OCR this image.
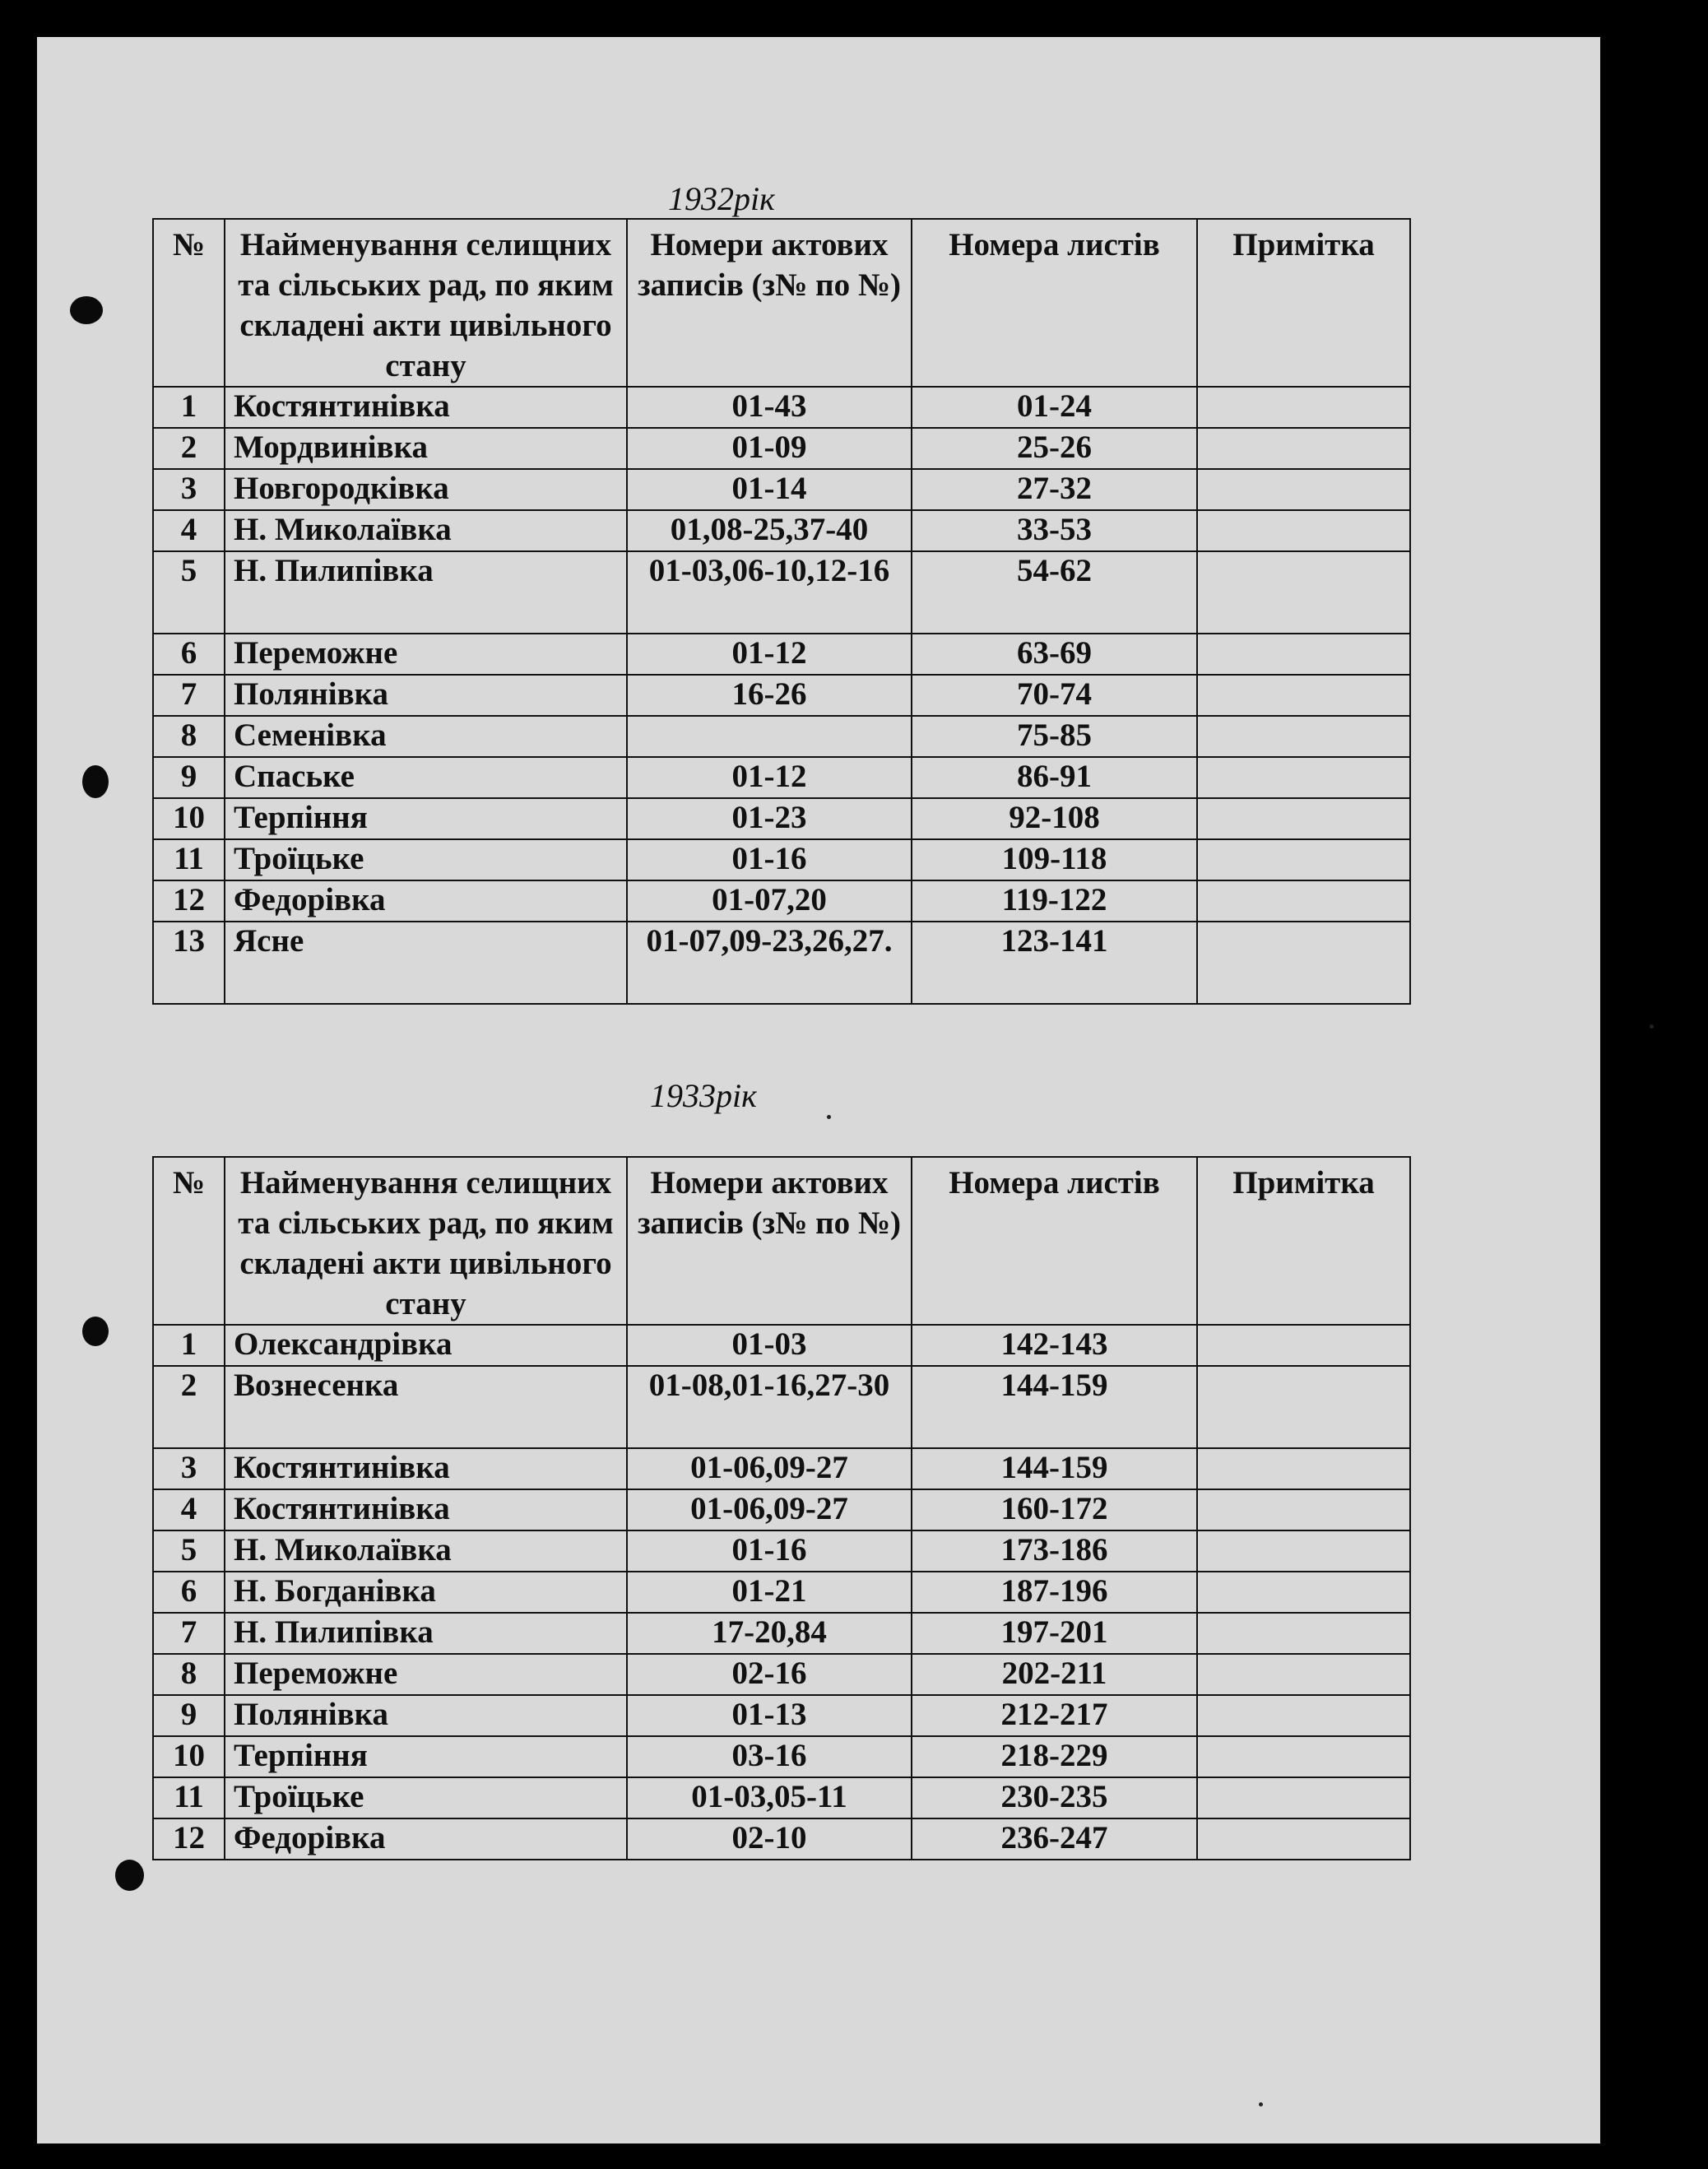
1932рік
№	Найменування селищних та сільських рад, по яким складені акти цивільного стану	Номери актових записів (з№ по №)	Номера листів	Примітка
1	Костянтинівка	01-43	01-24	
2	Мордвинівка	01-09	25-26	
3	Новгородківка	01-14	27-32	
4	Н. Миколаївка	01,08-25,37-40	33-53	
5	Н. Пилипівка	01-03,06-10,12-16	54-62	
6	Переможне	01-12	63-69	
7	Полянівка	16-26	70-74	
8	Семенівка		75-85	
9	Спаське	01-12	86-91	
10	Терпіння	01-23	92-108	
11	Троїцьке	01-16	109-118	
12	Федорівка	01-07,20	119-122	
13	Ясне	01-07,09-23,26,27.	123-141	
1933рік
№	Найменування селищних та сільських рад, по яким складені акти цивільного стану	Номери актових записів (з№ по №)	Номера листів	Примітка
1	Олександрівка	01-03	142-143	
2	Вознесенка	01-08,01-16,27-30	144-159	
3	Костянтинівка	01-06,09-27	144-159	
4	Костянтинівка	01-06,09-27	160-172	
5	Н. Миколаївка	01-16	173-186	
6	Н. Богданівка	01-21	187-196	
7	Н. Пилипівка	17-20,84	197-201	
8	Переможне	02-16	202-211	
9	Полянівка	01-13	212-217	
10	Терпіння	03-16	218-229	
11	Троїцьке	01-03,05-11	230-235	
12	Федорівка	02-10	236-247	
